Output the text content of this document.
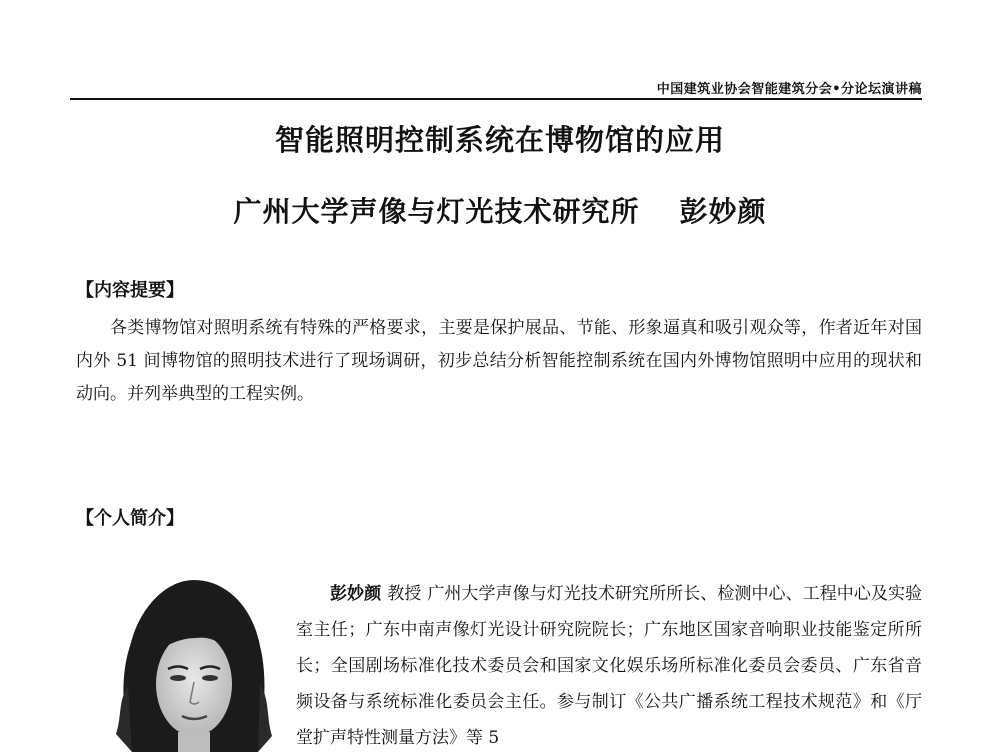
中国建筑业协会智能建筑分会•分论坛演讲稿
智能照明控制系统在博物馆的应用
广州大学声像与灯光技术研究所 彭妙颜
【内容提要】

各类博物馆对照明系统有特殊的严格要求，主要是保护展品、节能、形象逼真和吸引观众等，作者近年对国内外 51 间博物馆的照明技术进行了现场调研，初步总结分析智能控制系统在国内外博物馆照明中应用的现状和动向。并列举典型的工程实例。

【个人简介】

彭妙颜 教授 广州大学声像与灯光技术研究所所长、检测中心、工程中心及实验室主任；广东中南声像灯光设计研究院院长；广东地区国家音响职业技能鉴定所所长；全国剧场标准化技术委员会和国家文化娱乐场所标准化委员会委员、广东省音频设备与系统标准化委员会主任。参与制订《公共广播系统工程技术规范》和《厅堂扩声特性测量方法》等 5
